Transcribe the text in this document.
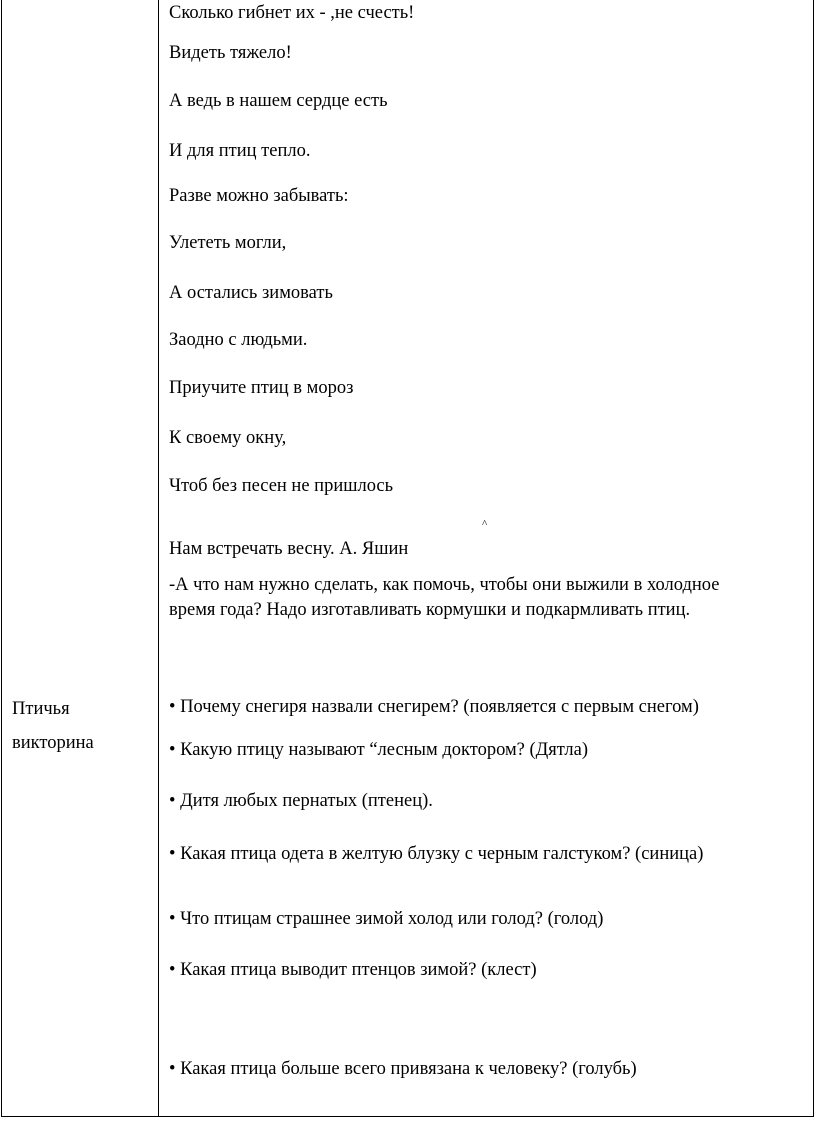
Птичья викторина
Сколько гибнет их - ,не счесть!
Видеть тяжело!
А ведь в нашем сердце есть
И для птиц тепло.
Разве можно забывать:
Улететь могли,
А остались зимовать
Заодно с людьми.
Приучите птиц в мороз
К своему окну,
Чтоб без песен не пришлось
Нам встречать весну. А. Яшин
^
-А что нам нужно сделать, как помочь, чтобы они выжили в холодное время года? Надо изготавливать кормушки и подкармливать птиц.
• Почему снегиря назвали снегирем? (появляется с первым снегом)
• Какую птицу называют “лесным доктором? (Дятла)
• Дитя любых пернатых (птенец).
• Какая птица одета в желтую блузку с черным галстуком? (синица)
• Что птицам страшнее зимой холод или голод? (голод)
• Какая птица выводит птенцов зимой? (клест)
• Какая птица больше всего привязана к человеку? (голубь)
